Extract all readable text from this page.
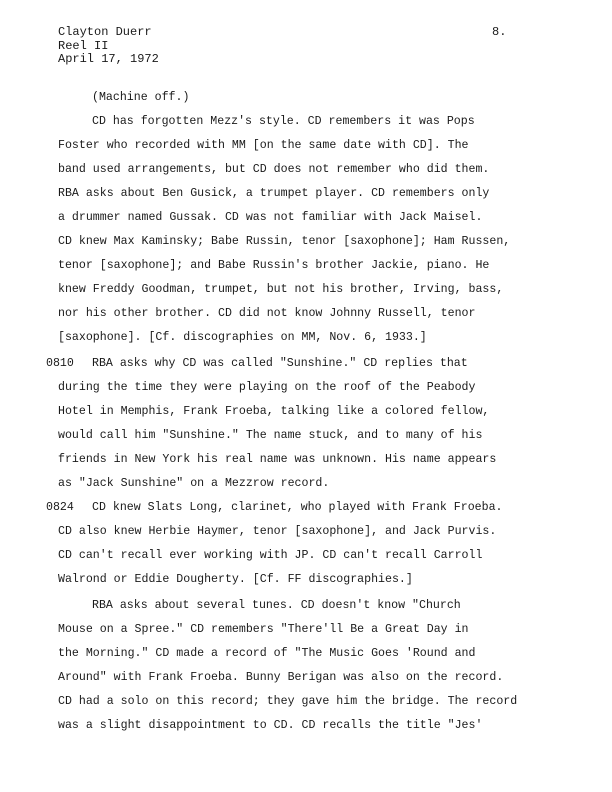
Clayton Duerr
Reel II
April 17, 1972
8.
0810
0824
(Machine off.)
CD has forgotten Mezz's style. CD remembers it was Pops
Foster who recorded with MM [on the same date with CD]. The
band used arrangements, but CD does not remember who did them.
RBA asks about Ben Gusick, a trumpet player. CD remembers only
a drummer named Gussak. CD was not familiar with Jack Maisel.
CD knew Max Kaminsky; Babe Russin, tenor [saxophone]; Ham Russen,
tenor [saxophone]; and Babe Russin's brother Jackie, piano. He
knew Freddy Goodman, trumpet, but not his brother, Irving, bass,
nor his other brother. CD did not know Johnny Russell, tenor
[saxophone]. [Cf. discographies on MM, Nov. 6, 1933.]
RBA asks why CD was called "Sunshine." CD replies that
during the time they were playing on the roof of the Peabody
Hotel in Memphis, Frank Froeba, talking like a colored fellow,
would call him "Sunshine." The name stuck, and to many of his
friends in New York his real name was unknown. His name appears
as "Jack Sunshine" on a Mezzrow record.
CD knew Slats Long, clarinet, who played with Frank Froeba.
CD also knew Herbie Haymer, tenor [saxophone], and Jack Purvis.
CD can't recall ever working with JP. CD can't recall Carroll
Walrond or Eddie Dougherty. [Cf. FF discographies.]
RBA asks about several tunes. CD doesn't know "Church
Mouse on a Spree." CD remembers "There'll Be a Great Day in
the Morning." CD made a record of "The Music Goes 'Round and
Around" with Frank Froeba. Bunny Berigan was also on the record.
CD had a solo on this record; they gave him the bridge. The record
was a slight disappointment to CD. CD recalls the title "Jes'
